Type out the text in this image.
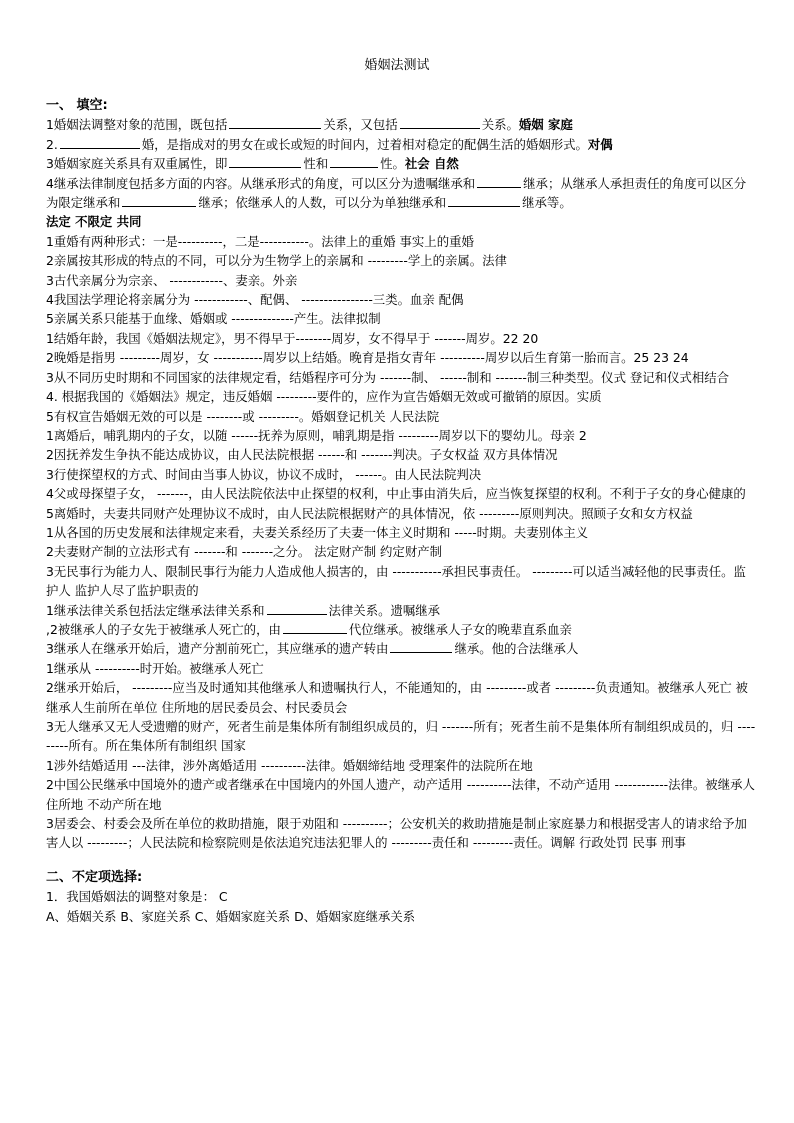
婚姻法测试

一、 填空:

1婚姻法调整对象的范围，既包括	关系，又包括	关系。婚姻 家庭

2.	婚，是指成对的男女在或长或短的时间内，过着相对稳定的配偶生活的婚姻形式。对偶

3婚姻家庭关系具有双重属性，即	性和	性。社会 自然

4继承法律制度包括多方面的内容。从继承形式的角度，可以区分为遗嘱继承和	继承；从继承人承担责任的角度可以区分为限定继承和	继承；依继承人的人数，可以分为单独继承和	继承等。

法定 不限定 共同

1重婚有两种形式：一是----------，二是-----------。法律上的重婚 事实上的重婚

2亲属按其形成的特点的不同，可以分为生物学上的亲属和 ---------学上的亲属。法律

3古代亲属分为宗亲、 ------------、妻亲。外亲

4我国法学理论将亲属分为 ------------、配偶、 ----------------三类。血亲 配偶

5亲属关系只能基于血缘、婚姻或 --------------产生。法律拟制

1结婚年龄，我国《婚姻法规定》，男不得早于--------周岁，女不得早于 -------周岁。22 20

2晚婚是指男 ---------周岁，女 -----------周岁以上结婚。晚育是指女青年 ----------周岁以后生育第一胎而言。25 23 24

3从不同历史时期和不同国家的法律规定看，结婚程序可分为 -------制、 ------制和 -------制三种类型。仪式 登记和仪式相结合

4. 根据我国的《婚姻法》规定，违反婚姻 ---------要件的，应作为宣告婚姻无效或可撤销的原因。实质

5有权宣告婚姻无效的可以是 --------或 ---------。婚姻登记机关 人民法院

1离婚后，哺乳期内的子女，以随 ------抚养为原则，哺乳期是指 ---------周岁以下的婴幼儿。母亲 2

2因抚养发生争执不能达成协议，由人民法院根据 ------和 -------判决。子女权益 双方具体情况

3行使探望权的方式、时间由当事人协议，协议不成时， ------。由人民法院判决

4父或母探望子女， -------，由人民法院依法中止探望的权利，中止事由消失后，应当恢复探望的权利。不利于子女的身心健康的

5离婚时，夫妻共同财产处理协议不成时，由人民法院根据财产的具体情况，依 ---------原则判决。照顾子女和女方权益

1从各国的历史发展和法律规定来看，夫妻关系经历了夫妻一体主义时期和 -----时期。夫妻别体主义

2夫妻财产制的立法形式有 -------和 -------之分。 法定财产制 约定财产制

3无民事行为能力人、限制民事行为能力人造成他人损害的，由 -----------承担民事责任。 ---------可以适当减轻他的民事责任。监护人 监护人尽了监护职责的

1继承法律关系包括法定继承法律关系和	法律关系。遗嘱继承

,2被继承人的子女先于被继承人死亡的，由	代位继承。被继承人子女的晚辈直系血亲

3继承人在继承开始后，遗产分割前死亡，其应继承的遗产转由	继承。他的合法继承人

1继承从 ----------时开始。被继承人死亡

2继承开始后， ---------应当及时通知其他继承人和遗嘱执行人，不能通知的，由 ---------或者 ---------负责通知。被继承人死亡 被继承人生前所在单位 住所地的居民委员会、村民委员会

3无人继承又无人受遗赠的财产，死者生前是集体所有制组织成员的，归 -------所有；死者生前不是集体所有制组织成员的，归 ---------所有。所在集体所有制组织 国家

1涉外结婚适用 ---法律，涉外离婚适用 ----------法律。婚姻缔结地 受理案件的法院所在地

2中国公民继承中国境外的遗产或者继承在中国境内的外国人遗产，动产适用 ----------法律，不动产适用 ------------法律。被继承人住所地 不动产所在地

3居委会、村委会及所在单位的救助措施，限于劝阻和 ----------；公安机关的救助措施是制止家庭暴力和根据受害人的请求给予加害人以 ---------；人民法院和检察院则是依法追究违法犯罪人的 ---------责任和 ---------责任。调解 行政处罚 民事 刑事

二、不定项选择:

1．我国婚姻法的调整对象是： C

A、婚姻关系 B、家庭关系 C、婚姻家庭关系 D、婚姻家庭继承关系
